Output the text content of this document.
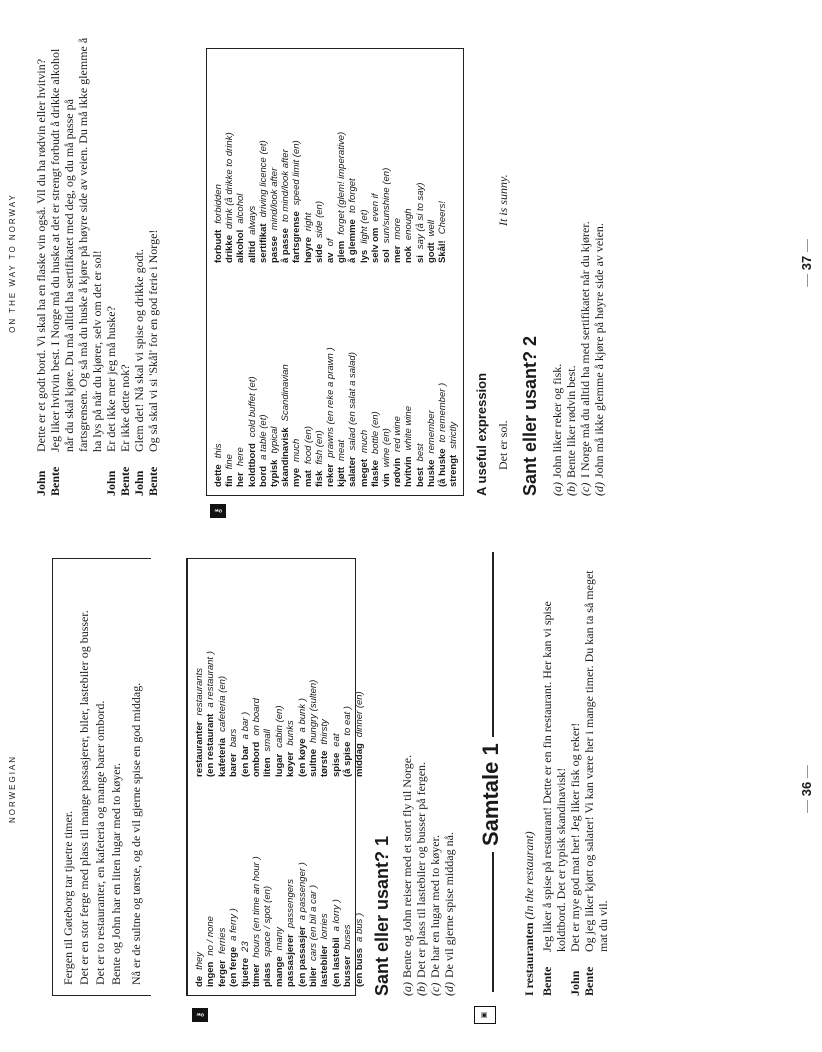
NORWEGIAN

Fergen til Gøteborg tar tjuetre timer. Det er en stor ferge med plass til mange passasjerer, biler, lastebiler og busser. Det er to restauranter, en kafeteria og mange barer ombord. Bente og John har en liten lugar med to køyer. Nå er de sultne og tørste, og de vil gjerne spise en god middag.

⚷
dethey
ingenno / none
fergerferries
(en fergea ferry )
tjuetre23
timerhours (en time an hour )
plassspace / spot (en)
mangemany passasjererpassengers
(en passasjera passenger )
bilercars (en bil a car )
lastebilerlorries
(en lastebila lorry )
busserbuses
(en bussa bus )
restauranterrestaurants
(en restauranta restaurant )
kafeteriacafeteria (en)
barerbars
(en bara bar )
ombordon board
litensmall
lugarcabin (en)
køyerbunks
(en køyea bunk )
sultnehungry (sulten)
tørstethirsty
spiseeat
(å spiseto eat )
middagdinner (en)
Sant eller usant? 1 (a)Bente og John reiser med et stort fly til Norge.
(b)Det er plass til lastebiler og busser på fergen.
(c)De har en lugar med to køyer.
(d)De vil gjerne spise middag nå.
▣
Samtale 1
I restauranten (In the restaurant)
Bente
Jeg liker å spise på restaurant! Dette er en fin restaurant. Her kan vi spise koldtbord. Det er typisk skandinavisk!
John
Det er mye god mat her! Jeg liker fisk og reker!
Bente
Og jeg liker kjøtt og salater! Vi kan være her i mange timer. Du kan ta så meget mat du vil.
— 36 —
ON THE WAY TO NORWAY
John
Dette er et godt bord. Vi skal ha en flaske vin også. Vil du ha rødvin eller hvitvin?
Bente
Jeg liker hvitvin best. I Norge må du huske at det er strengt forbudt å drikke alkohol når du skal kjøre. Du må alltid ha sertifikatet med deg, og du må passe på fartsgrensen. Og så må du huske å kjøre på høyre side av veien. Du må ikke glemme å ha lys på når du kjører, selv om det er sol!
John
Er det ikke mer jeg må huske?
Bente
Er ikke dette nok?
John
Glem det! Nå skal vi spise og drikke godt.
Bente
Og så skal vi si 'Skål' for en god ferie i Norge!
⚷
dettethis
finfine
herhere koldtbordcold buffet (et)
borda table (et)
typisktypical skandinaviskScandinavian
myemuch
matfood (en)
fiskfish (en)
rekerprawns (en reke a prawn )
kjøttmeat
salatersalad (en salat a salad)
megetmuch
flaskebottle (en)
vinwine (en)
rødvinred wine
hvitvinwhite wine
bestbest
huskeremember
(å husketo remember )
strengtstrictly
forbudtforbidden
drikkedrink (å drikke to drink)
alkoholalcohol
alltidalways
sertifikatdriving licence (et)
passemind/look after
å passeto mind/look after
fartsgrensespeed limit (en)
høyreright
sideside (en)
avof glemforget (glem! imperative)
å glemmeto forget
lyslight (et)
selv omeven if
solsun/sunshine (en)
mermore
nokenough
sisay (å si to say)
godtwell
Skål!Cheers!
A useful expression Det er sol.
It is sunny.
Sant eller usant? 2 (a)John liker reker og fisk.
(b)Bente liker rødvin best.
(c)I Norge må du alltid ha med sertifikatet når du kjører.
(d)John må ikke glemme å kjøre på høyre side av veien.	— 37 —
